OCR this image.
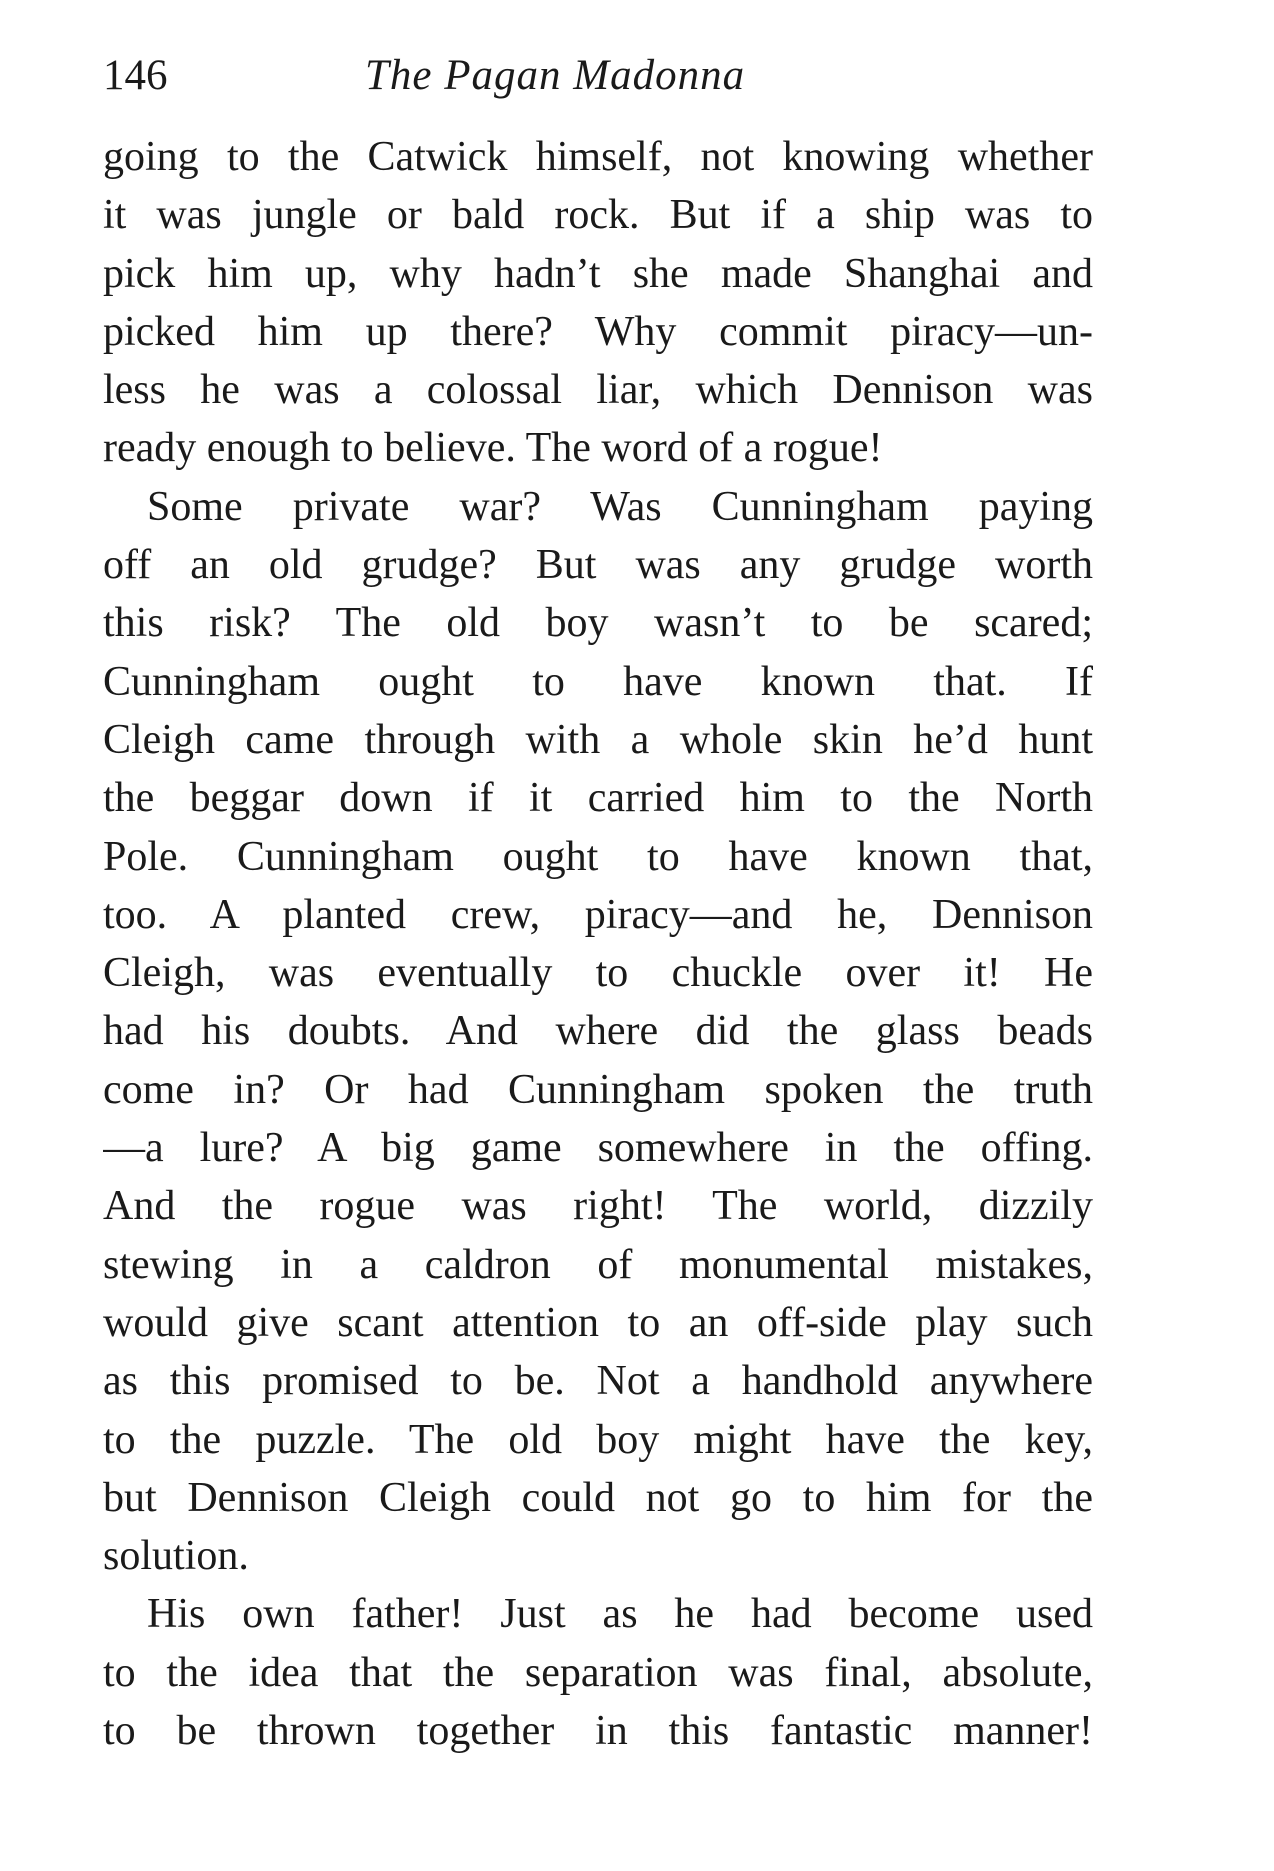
146	The Pagan Madonna
going to the Catwick himself, not knowing whether
it was jungle or bald rock. But if a ship was to
pick him up, why hadn’t she made Shanghai and
picked him up there? Why commit piracy—un-
less he was a colossal liar, which Dennison was
ready enough to believe. The word of a rogue!
Some private war? Was Cunningham paying
off an old grudge? But was any grudge worth
this risk? The old boy wasn’t to be scared;
Cunningham ought to have known that. If
Cleigh came through with a whole skin he’d hunt
the beggar down if it carried him to the North
Pole. Cunningham ought to have known that,
too. A planted crew, piracy—and he, Dennison
Cleigh, was eventually to chuckle over it! He
had his doubts. And where did the glass beads
come in? Or had Cunningham spoken the truth
—a lure? A big game somewhere in the offing.
And the rogue was right! The world, dizzily
stewing in a caldron of monumental mistakes,
would give scant attention to an off-side play such
as this promised to be. Not a handhold anywhere
to the puzzle. The old boy might have the key,
but Dennison Cleigh could not go to him for the
solution.
His own father! Just as he had become used
to the idea that the separation was final, absolute,
to be thrown together in this fantastic manner!
